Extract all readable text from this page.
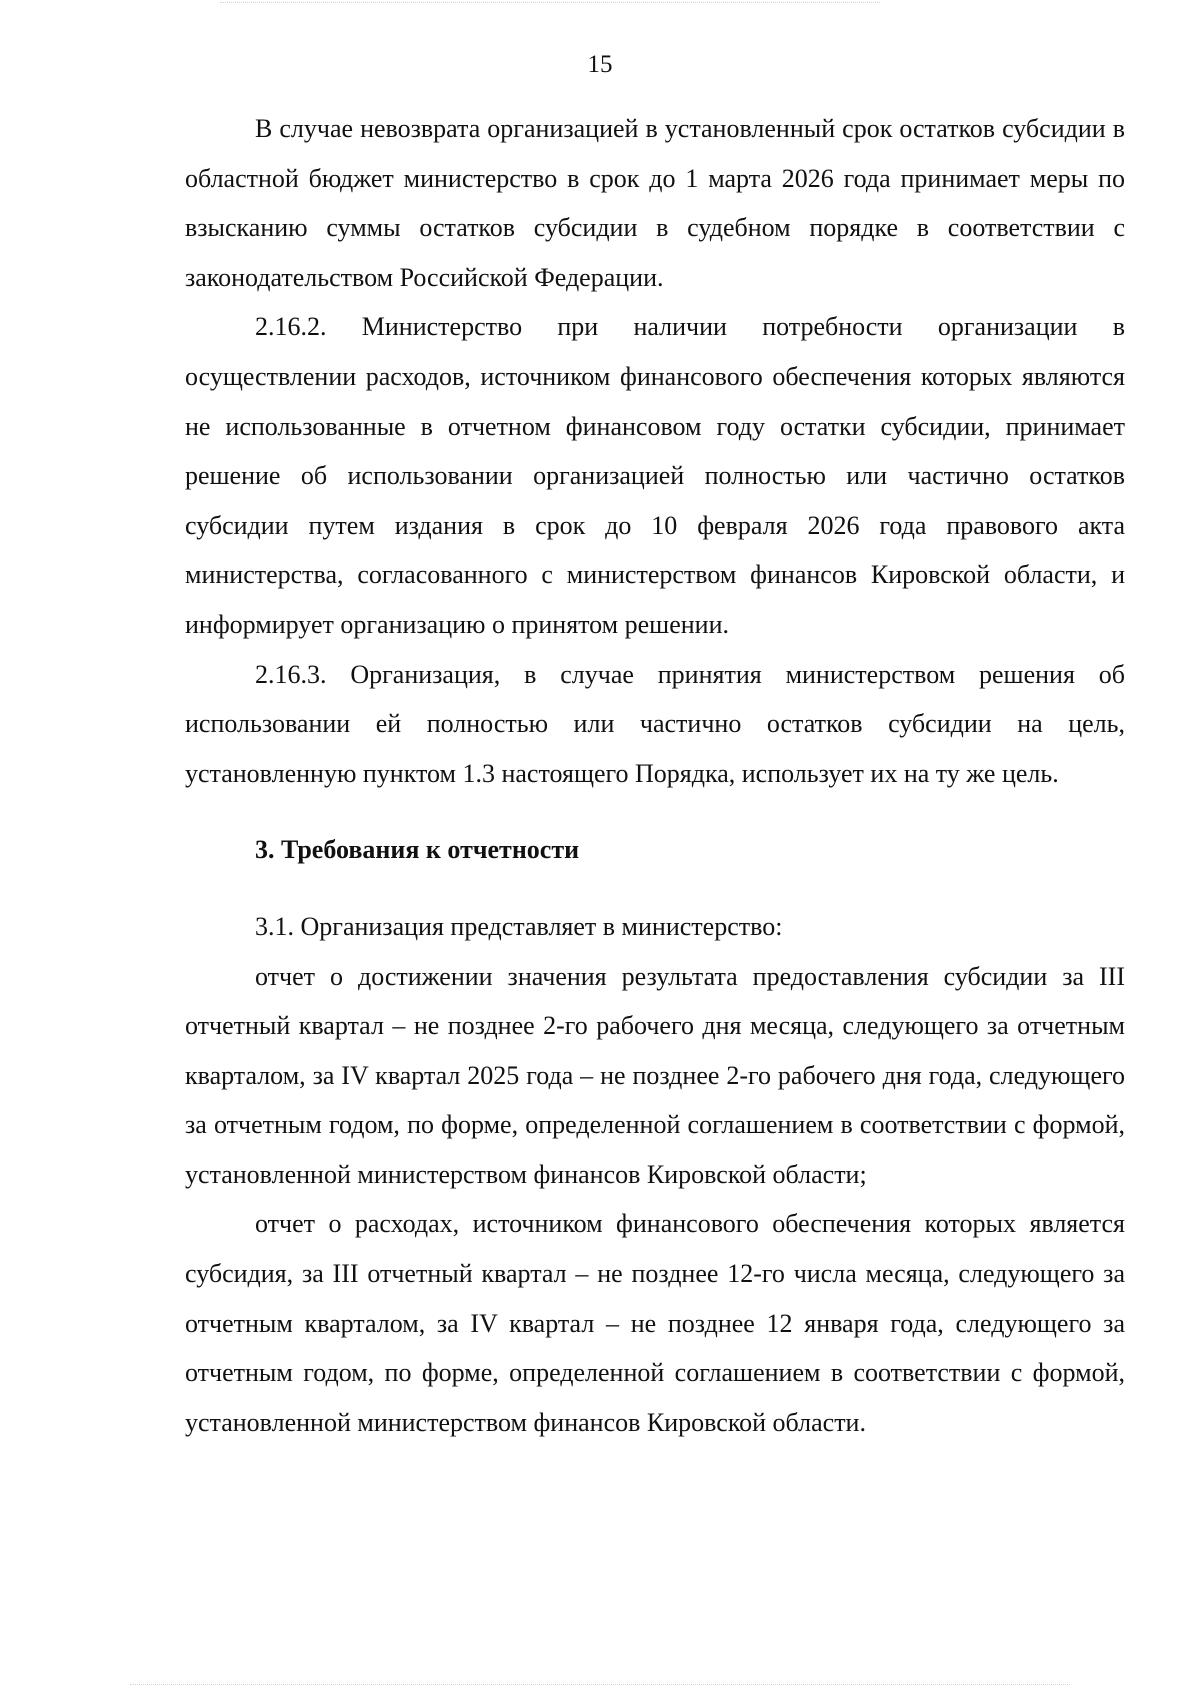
15

В случае невозврата организацией в установленный срок остатков субсидии в областной бюджет министерство в срок до 1 марта 2026 года принимает меры по взысканию суммы остатков субсидии в судебном порядке в соответствии с законодательством Российской Федерации.

2.16.2. Министерство при наличии потребности организации в осуществлении расходов, источником финансового обеспечения которых являются не использованные в отчетном финансовом году остатки субсидии, принимает решение об использовании организацией полностью или частично остатков субсидии путем издания в срок до 10 февраля 2026 года правового акта министерства, согласованного с министерством финансов Кировской области, и информирует организацию о принятом решении.

2.16.3. Организация, в случае принятия министерством решения об использовании ей полностью или частично остатков субсидии на цель, установленную пунктом 1.3 настоящего Порядка, использует их на ту же цель.

3. Требования к отчетности

3.1. Организация представляет в министерство:

отчет о достижении значения результата предоставления субсидии за III отчетный квартал – не позднее 2-го рабочего дня месяца, следующего за отчетным кварталом, за IV квартал 2025 года – не позднее 2-го рабочего дня года, следующего за отчетным годом, по форме, определенной соглашением в соответствии с формой, установленной министерством финансов Кировской области;

отчет о расходах, источником финансового обеспечения которых является субсидия, за III отчетный квартал – не позднее 12-го числа месяца, следующего за отчетным кварталом, за IV квартал – не позднее 12 января года, следующего за отчетным годом, по форме, определенной соглашением в соответствии с формой, установленной министерством финансов Кировской области.
